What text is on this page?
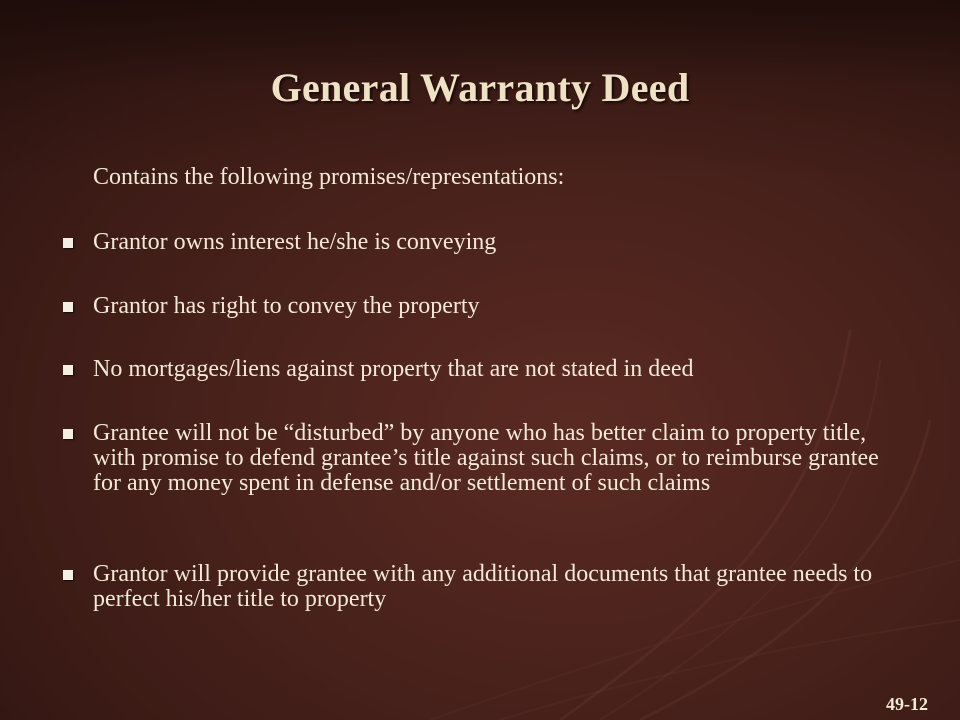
General Warranty Deed
Contains the following promises/representations:
Grantor owns interest he/she is conveying
Grantor has right to convey the property
No mortgages/liens against property that are not stated in deed
Grantee will not be “disturbed” by anyone who has better claim to property title, with promise to defend grantee’s title against such claims, or to reimburse grantee for any money spent in defense and/or settlement of such claims
Grantor will provide grantee with any additional documents that grantee needs to perfect his/her title to property
49-12
